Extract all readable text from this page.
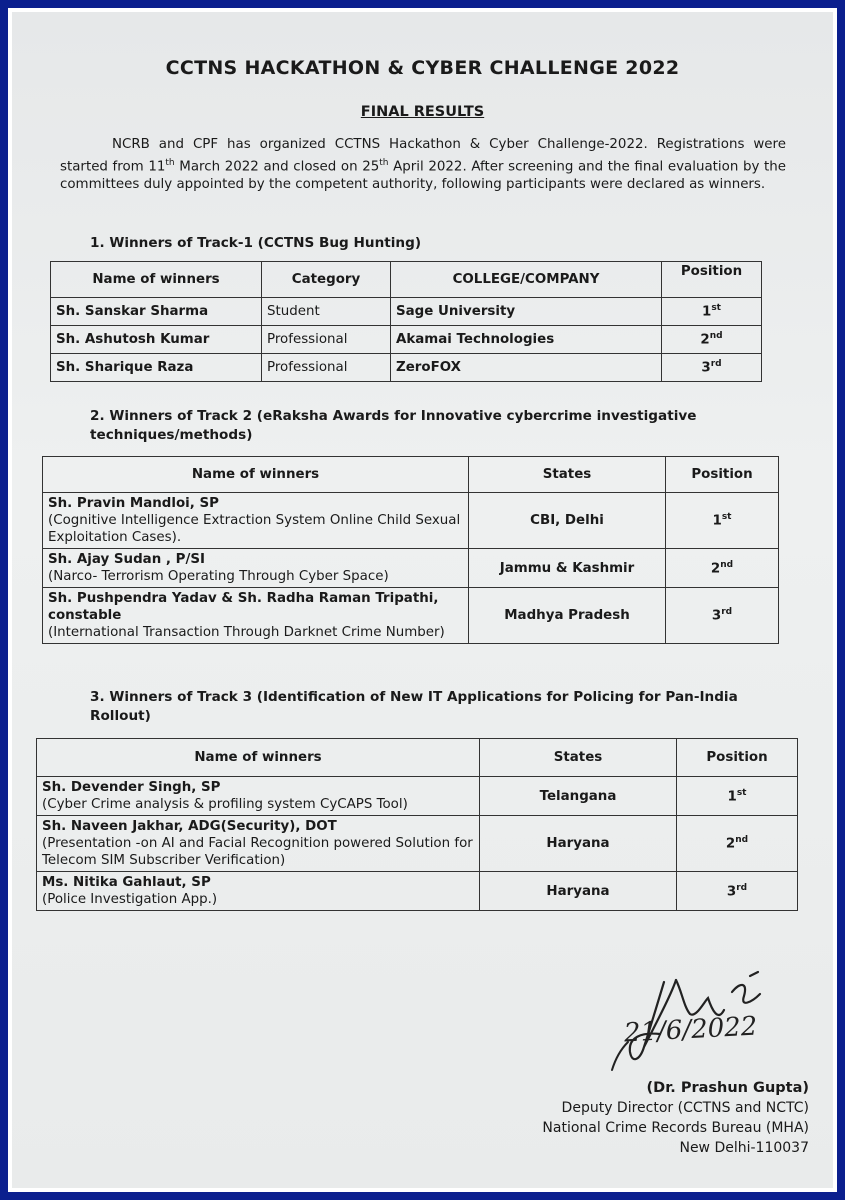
CCTNS HACKATHON & CYBER CHALLENGE 2022
FINAL RESULTS
NCRB and CPF has organized CCTNS Hackathon & Cyber Challenge-2022. Registrations were started from 11th March 2022 and closed on 25th April 2022. After screening and the final evaluation by the committees duly appointed by the competent authority, following participants were declared as winners.
1. Winners of Track-1 (CCTNS Bug Hunting)
Name of winners	Category	COLLEGE/COMPANY	Position
Sh. Sanskar Sharma	Student	Sage University	1st
Sh. Ashutosh Kumar	Professional	Akamai Technologies	2nd
Sh. Sharique Raza	Professional	ZeroFOX	3rd
2. Winners of Track 2 (eRaksha Awards for Innovative cybercrime investigative techniques/methods)
Name of winners	States	Position

Sh. Pravin Mandloi, SP
(Cognitive Intelligence Extraction System Online Child Sexual Exploitation Cases).	CBI, Delhi	1st

Sh. Ajay Sudan , P/SI
(Narco- Terrorism Operating Through Cyber Space)	Jammu & Kashmir	2nd

Sh. Pushpendra Yadav & Sh. Radha Raman Tripathi, constable
(International Transaction Through Darknet Crime Number)	Madhya Pradesh	3rd
3. Winners of Track 3 (Identification of New IT Applications for Policing for Pan-India Rollout)
Name of winners	States	Position

Sh. Devender Singh, SP
(Cyber Crime analysis & profiling system CyCAPS Tool)	Telangana	1st

Sh. Naveen Jakhar, ADG(Security), DOT
(Presentation -on AI and Facial Recognition powered Solution for Telecom SIM Subscriber Verification)	Haryana	2nd

Ms. Nitika Gahlaut, SP
(Police Investigation App.)	Haryana	3rd
21/6/2022
(Dr. Prashun Gupta)
Deputy Director (CCTNS and NCTC)
National Crime Records Bureau (MHA)
New Delhi-110037
